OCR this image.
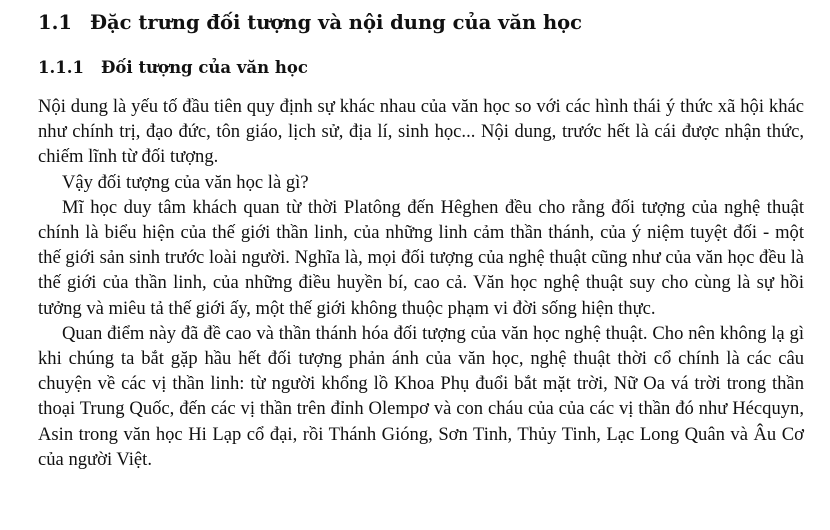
1.1 Đặc trưng đối tượng và nội dung của văn học
1.1.1	Đối tượng của văn học

Nội dung là yếu tố đầu tiên quy định sự khác nhau của văn học so với các hình thái ý thức xã hội khác như chính trị, đạo đức, tôn giáo, lịch sử, địa lí, sinh học... Nội dung, trước hết là cái được nhận thức, chiếm lĩnh từ đối tượng.

Vậy đối tượng của văn học là gì?

Mĩ học duy tâm khách quan từ thời Platông đến Hêghen đều cho rằng đối tượng của nghệ thuật chính là biểu hiện của thế giới thần linh, của những linh cảm thần thánh, của ý niệm tuyệt đối - một thế giới sản sinh trước loài người. Nghĩa là, mọi đối tượng của nghệ thuật cũng như của văn học đều là thế giới của thần linh, của những điều huyền bí, cao cả. Văn học nghệ thuật suy cho cùng là sự hồi tưởng và miêu tả thế giới ấy, một thế giới không thuộc phạm vi đời sống hiện thực.

Quan điểm này đã đề cao và thần thánh hóa đối tượng của văn học nghệ thuật. Cho nên không lạ gì khi chúng ta bắt gặp hầu hết đối tượng phản ánh của văn học, nghệ thuật thời cổ chính là các câu chuyện về các vị thần linh: từ người khổng lồ Khoa Phụ đuổi bắt mặt trời, Nữ Oa vá trời trong thần thoại Trung Quốc, đến các vị thần trên đỉnh Olempơ và con cháu của của các vị thần đó như Hécquyn, Asin trong văn học Hi Lạp cổ đại, rồi Thánh Gióng, Sơn Tinh, Thủy Tinh, Lạc Long Quân và Âu Cơ của người Việt.
